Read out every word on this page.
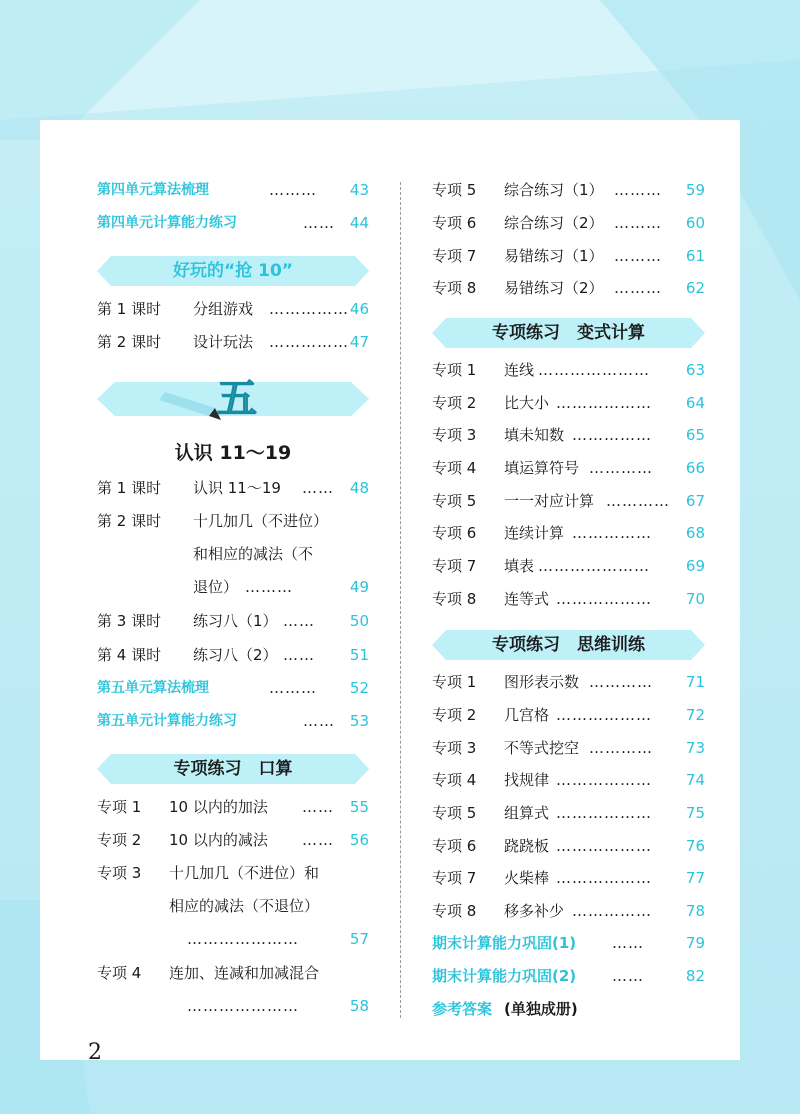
第四单元算法梳理	……… 43
第四单元计算能力练习	…… 44
好玩的“抢 10”
第 1 课时 分组游戏 …………… 46
第 2 课时 设计玩法 …………… 47
五
认识 11～19
第 1 课时 认识 11～19 …… 48
第 2 课时 十几加几（不进位）
和相应的减法（不
退位） ………	49
第 3 课时 练习八（1） …… 50
第 4 课时 练习八（2） …… 51
第五单元算法梳理	……… 52
第五单元计算能力练习	…… 53
专项练习　口算
专项 1 10 以内的加法 …… 55
专项 2 10 以内的减法 …… 56
专项 3 十几加几（不进位）和
相应的减法（不退位）
…………………	57
专项 4 连加、连减和加减混合
…………………	58
专项 5 综合练习（1） ……… 59
专项 6 综合练习（2） ……… 60
专项 7 易错练习（1） ……… 61
专项 8 易错练习（2） ……… 62
专项练习　变式计算
专项 1 连线 ………………… 63
专项 2 比大小 ……………… 64
专项 3 填未知数 …………… 65
专项 4 填运算符号 ………… 66
专项 5 一一对应计算 ………… 67
专项 6 连续计算 …………… 68
专项 7 填表 ………………… 69
专项 8 连等式 ……………… 70
专项练习　思维训练
专项 1 图形表示数 ………… 71
专项 2 几宫格 ……………… 72
专项 3 不等式挖空 ………… 73
专项 4 找规律 ……………… 74
专项 5 组算式 ……………… 75
专项 6 跷跷板 ……………… 76
专项 7 火柴棒 ……………… 77
专项 8 移多补少 …………… 78
期末计算能力巩固(1) ……	79
期末计算能力巩固(2) ……	82
参考答案 (单独成册)
2
